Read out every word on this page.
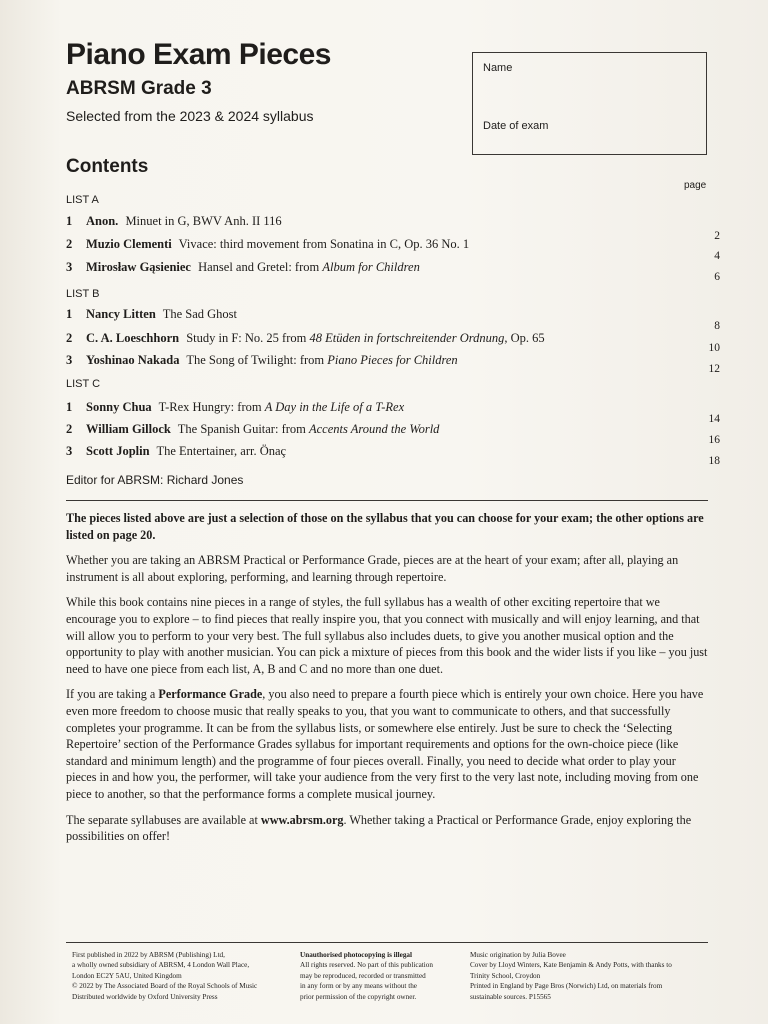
Piano Exam Pieces
ABRSM Grade 3
Selected from the 2023 & 2024 syllabus
Name
Date of exam
Contents
page
LIST A
1 Anon. Minuet in G, BWV Anh. II 116
2 Muzio Clementi Vivace: third movement from Sonatina in C, Op. 36 No. 1
3 Mirosław Gąsieniec Hansel and Gretel: from Album for Children
2
4
6
LIST B
1 Nancy Litten The Sad Ghost
2 C. A. Loeschhorn Study in F: No. 25 from 48 Etüden in fortschreitender Ordnung, Op. 65
3 Yoshinao Nakada The Song of Twilight: from Piano Pieces for Children
8
10
12
LIST C
1 Sonny Chua T-Rex Hungry: from A Day in the Life of a T-Rex
2 William Gillock The Spanish Guitar: from Accents Around the World
3 Scott Joplin The Entertainer, arr. Önaç
14
16
18
Editor for ABRSM: Richard Jones

The pieces listed above are just a selection of those on the syllabus that you can choose for your exam; the other options are listed on page 20.

Whether you are taking an ABRSM Practical or Performance Grade, pieces are at the heart of your exam; after all, playing an instrument is all about exploring, performing, and learning through repertoire.

While this book contains nine pieces in a range of styles, the full syllabus has a wealth of other exciting repertoire that we encourage you to explore – to find pieces that really inspire you, that you connect with musically and will enjoy learning, and that will allow you to perform to your very best. The full syllabus also includes duets, to give you another musical option and the opportunity to play with another musician. You can pick a mixture of pieces from this book and the wider lists if you like – you just need to have one piece from each list, A, B and C and no more than one duet.

If you are taking a Performance Grade, you also need to prepare a fourth piece which is entirely your own choice. Here you have even more freedom to choose music that really speaks to you, that you want to communicate to others, and that successfully completes your programme. It can be from the syllabus lists, or somewhere else entirely. Just be sure to check the ‘Selecting Repertoire’ section of the Performance Grades syllabus for important requirements and options for the own-choice piece (like standard and minimum length) and the programme of four pieces overall. Finally, you need to decide what order to play your pieces in and how you, the performer, will take your audience from the very first to the very last note, including moving from one piece to another, so that the performance forms a complete musical journey.

The separate syllabuses are available at www.abrsm.org. Whether taking a Practical or Performance Grade, enjoy exploring the possibilities on offer!

First published in 2022 by ABRSM (Publishing) Ltd,
a wholly owned subsidiary of ABRSM, 4 London Wall Place,
London EC2Y 5AU, United Kingdom
© 2022 by The Associated Board of the Royal Schools of Music
Distributed worldwide by Oxford University Press
Unauthorised photocopying is illegal
All rights reserved. No part of this publication
may be reproduced, recorded or transmitted
in any form or by any means without the
prior permission of the copyright owner.
Music origination by Julia Bovee
Cover by Lloyd Winters, Kate Benjamin & Andy Potts, with thanks to
Trinity School, Croydon
Printed in England by Page Bros (Norwich) Ltd, on materials from
sustainable sources. P15565
